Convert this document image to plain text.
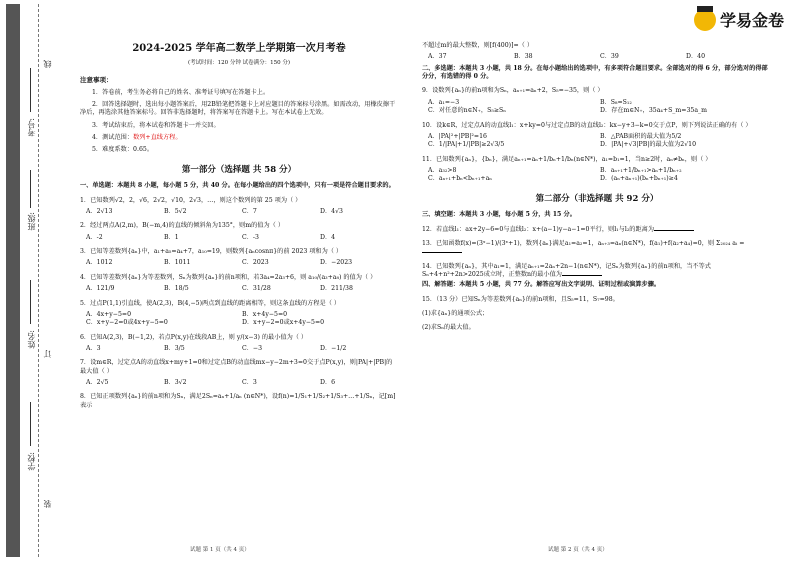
学校:
姓名:
班级:
考号:
线
订
装
学易金卷
2024-2025 学年高二数学上学期第一次月考卷
(考试时间：120 分钟 试卷满分：150 分)
注意事项：
1．答卷前，考生务必将自己的姓名、准考证号填写在答题卡上。
2．回答选择题时，选出每小题答案后，用2B铅笔把答题卡上对应题目的答案标号涂黑。如需改动，用橡皮擦干净后，再选涂其他答案标号。回答非选择题时，将答案写在答题卡上。写在本试卷上无效。
3．考试结束后，将本试卷和答题卡一并交回。
4．测试范围：数列+直线方程。
5．难度系数：0.65。
第一部分（选择题 共 58 分）
一、单选题：本题共 8 小题，每小题 5 分，共 40 分。在每小题给出的四个选项中，只有一项是符合题目要求的。
1．已知数列√2，2，√6，2√2，√10，2√3，…，则这个数列的第 25 项为（ ）
A．2√13	B．5√2	C．7	D．4√3
2．经过两点A(2,m)，B(−m,4)的直线的倾斜角为135°，则m的值为（ ）
A．-2	B．1	C．-3	D．4
3．已知等差数列{aₙ}中，a₁+a₅=a₄+7，a₁₀=19，则数列{aₙcosnπ}的前 2023 项和为（ ）
A．1012	B．1011	C．2023	D．−2023
4．已知等差数列{aₙ}为等差数列，Sₙ为数列{aₙ}的前n项和，若3a₄=2a₃+6，则 a₁₀/(a₃+a₈) 的值为（ ）
A．121/9	B．18/5	C．31/28	D．211/38
5．过点P(1,1)引直线，使A(2,3)，B(4,−5)两点到直线的距离相等，则这条直线的方程是（ ）
A．4x+y−5=0	B．x+4y−5=0
C．x+y−2=0或4x+y−5=0	D．x+y−2=0或x+4y−5=0
6．已知A(2,3)，B(−1,2)，若点P(x,y)在线段AB上，则 y/(x−3) 的最小值为（ ）
A．3	B．3/5	C．−3	D．−1/2
7．设m∈R，过定点A的动直线x+my+1=0和过定点B的动直线mx−y−2m+3=0交于点P(x,y)，则|PA|+|PB|的最大值（ ）
A．2√5	B．3√2	C．3	D．6
8．已知正项数列{aₙ}的前n项和为Sₙ，满足2Sₙ=aₙ+1/aₙ (n∈N*)，设f(n)=1/S₁+1/S₂+1/S₃+…+1/Sₙ，记[m]表示
不超过m的最大整数，则[f(400)]=（ ）
A．37	B．38	C．39	D．40
二、多选题：本题共 3 小题，共 18 分。在每小题给出的选项中，有多项符合题目要求。全部选对的得 6 分，部分选对的得部分分，有选错的得 0 分。
9．设数列{aₙ}的前n项和为Sₙ，aₙ₊₁=aₙ+2，S₅=−35，则（ ）
A．a₁=−3	B．S₈=S₁₂
C．对任意的n∈N₊，S₅≥Sₙ	D．存在m∈N₊，35a₄+S_m=35a_m
10．设k∈R，过定点A的动直线l₁：x+ky=0与过定点B的动直线l₂：kx−y+3−k=0交于点P，则下列说法正确的有（ ）
A．|PA|²+|PB|²=16	B．△PAB面积的最大值为5/2
C．1/|PA|+1/|PB|≥2√3/5	D．|PA|+√3|PB|的最大值为2√10
11．已知数列{aₙ}，{bₙ}，满足aₙ₊₁=aₙ+1/bₙ+1/bₙ(n∈N*)，a₁=b₁=1，当n≥2时，aₙ≠bₙ，则（ ）
A．a₃₂>8	B．aₙ₊₁+1/bₙ₊₁>aₙ+1/bₙ₊₂
C．aₙ₊₁+bₙ<bₙ₊₁+aₙ	D．(aₙ+aₙ₊₁)(bₙ+bₙ₊₁)≥4
第二部分（非选择题 共 92 分）
三、填空题：本题共 3 小题，每小题 5 分，共 15 分。
12．若直线l₁：ax+2y−6=0与直线l₂：x+(a−1)y−a−1=0平行，则l₁与l₂的距离为
13．已知函数f(x)=(3ˣ−1)/(3ˣ+1)，数列{aₙ}满足a₁=a₂=1，aₙ₊₃=aₙ(n∈N*)，f(a₁)+f(a₂+a₄)=0，则 Σ₂₀₂₄ aᵢ =
14．已知数列{aₙ}，其中a₁=1，满足aₙ₊₁=2aₙ+2n−1(n∈N*)，记Sₙ为数列{aₙ}的前n项和，当不等式Sₙ+4+n²+2n>2025成立时，正整数n的最小值为
四、解答题：本题共 5 小题，共 77 分。解答应写出文字说明、证明过程或演算步骤。
15．（13 分）已知Sₙ为等差数列{aₙ}的前n项和，且S₅=11，S₇=98。
(1)求{aₙ}的通项公式；
(2)求Sₙ的最大值。
试题 第 1 页（共 4 页）	试题 第 2 页（共 4 页）
